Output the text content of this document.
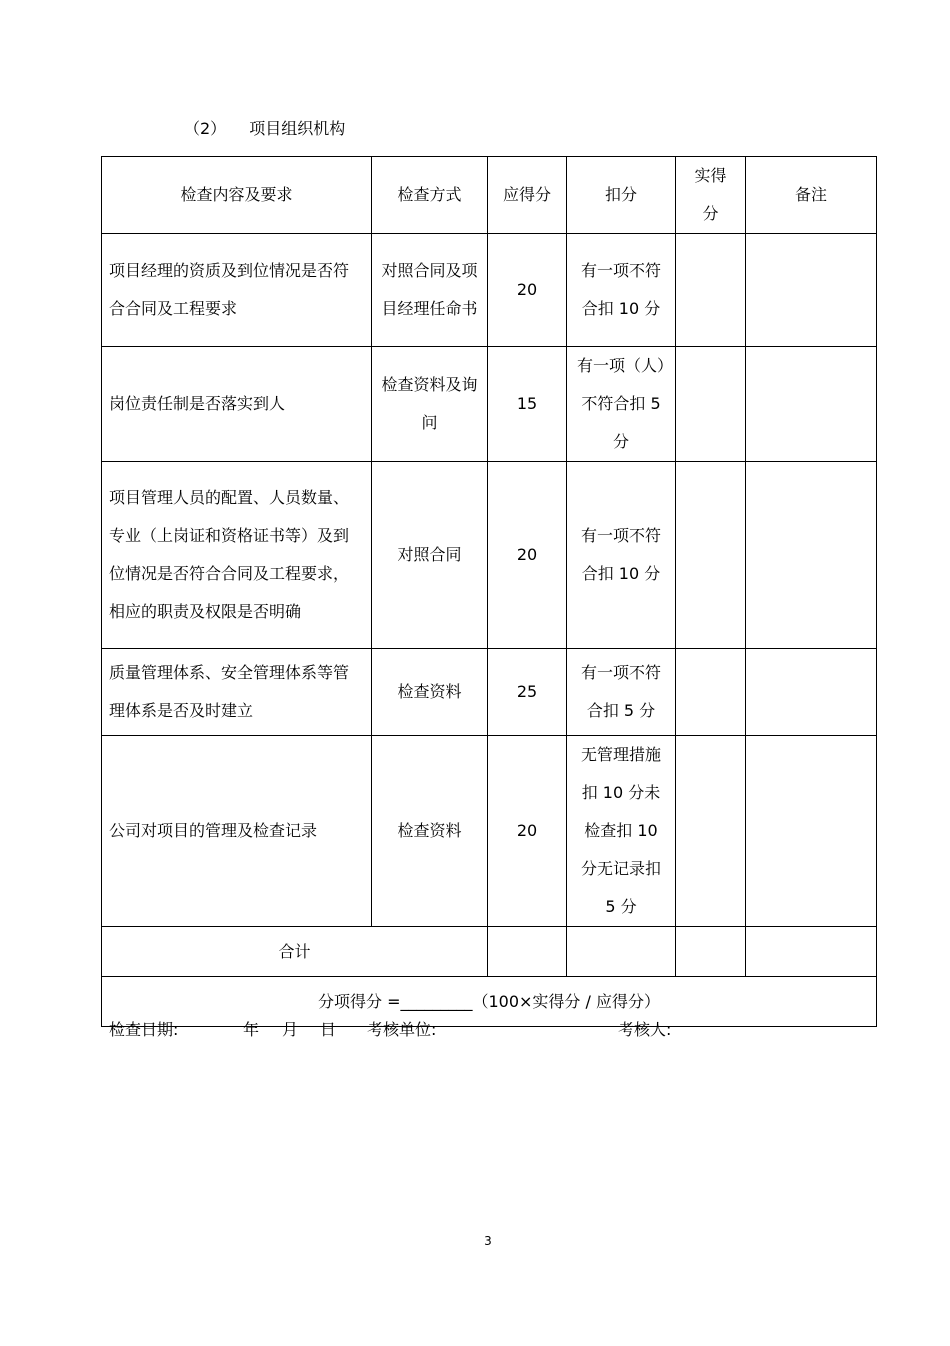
（2） 项目组织机构
检查内容及要求	检查方式	应得分	扣分	实得分	备注
项目经理的资质及到位情况是否符合合同及工程要求	对照合同及项目经理任命书	20	有一项不符合扣 10 分		
岗位责任制是否落实到人	检查资料及询问	15	有一项（人）不符合扣 5 分		
项目管理人员的配置、人员数量、专业（上岗证和资格证书等）及到位情况是否符合合同及工程要求，相应的职责及权限是否明确	对照合同	20	有一项不符合扣 10 分		
质量管理体系、安全管理体系等管理体系是否及时建立	检查资料	25	有一项不符合扣 5 分		
公司对项目的管理及检查记录	检查资料	20	无管理措施扣 10 分未检查扣 10 分无记录扣 5 分		
合计					
分项得分 =_________（100×实得分 / 应得分）					

检查日期:

	年

月

日

考核单位:

	考核人:

3
